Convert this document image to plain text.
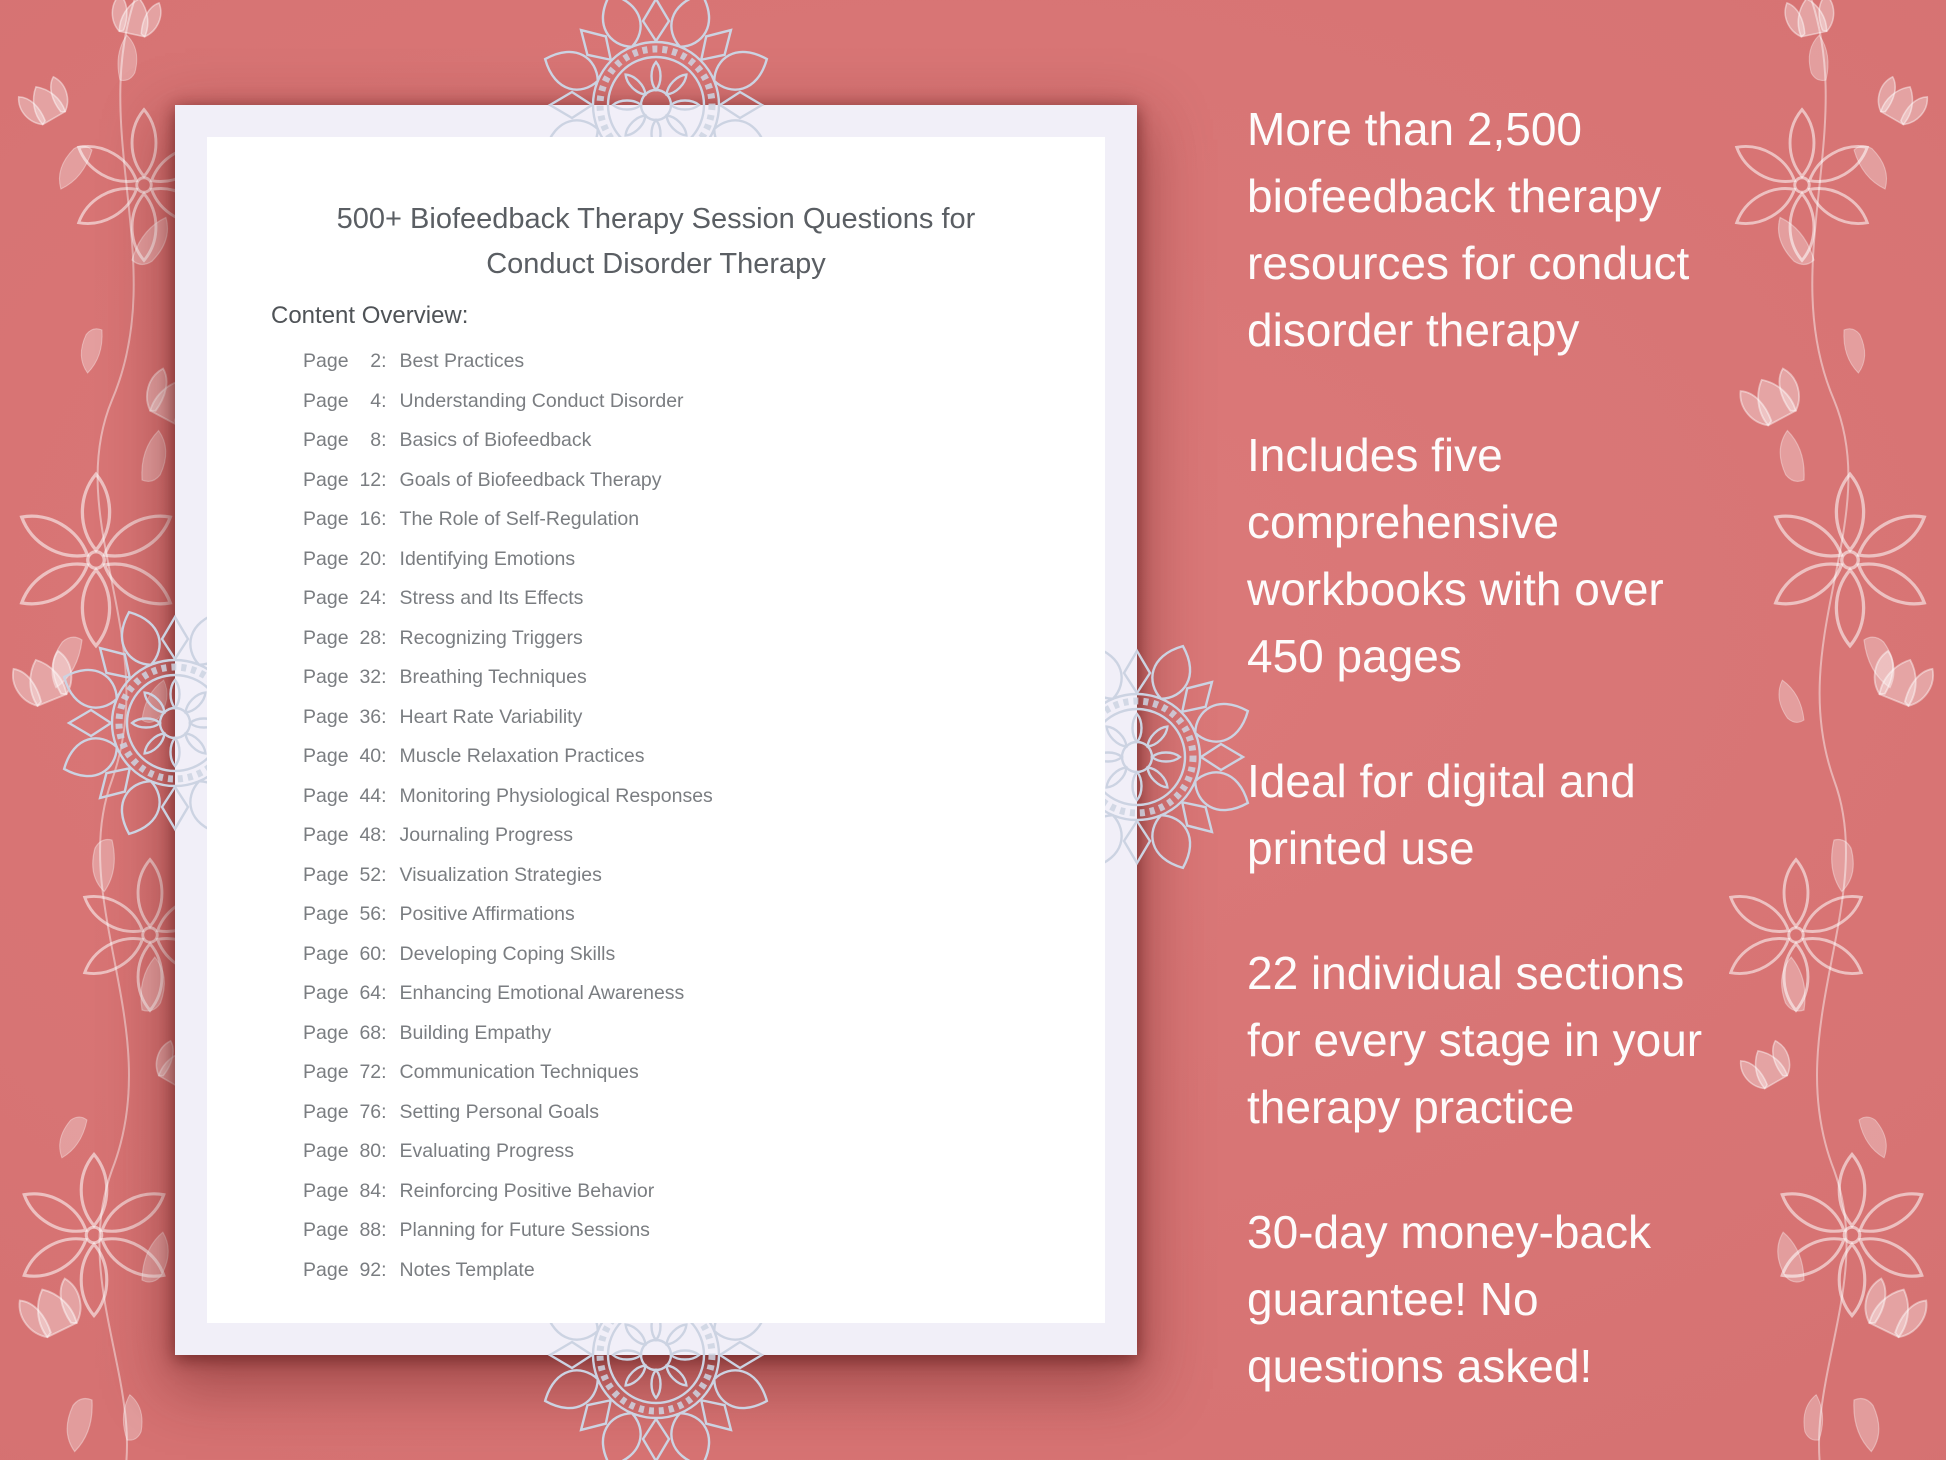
500+ Biofeedback Therapy Session Questions for
Conduct Disorder Therapy
Content Overview:
Page	2: Best Practices
Page	4: Understanding Conduct Disorder
Page	8: Basics of Biofeedback
Page 12: Goals of Biofeedback Therapy
Page 16: The Role of Self-Regulation
Page 20: Identifying Emotions
Page 24: Stress and Its Effects
Page 28: Recognizing Triggers
Page 32: Breathing Techniques
Page 36: Heart Rate Variability
Page 40: Muscle Relaxation Practices
Page 44: Monitoring Physiological Responses
Page 48: Journaling Progress
Page 52: Visualization Strategies
Page 56: Positive Affirmations
Page 60: Developing Coping Skills
Page 64: Enhancing Emotional Awareness
Page 68: Building Empathy
Page 72: Communication Techniques
Page 76: Setting Personal Goals
Page 80: Evaluating Progress
Page 84: Reinforcing Positive Behavior
Page 88: Planning for Future Sessions
Page 92: Notes Template
More than 2,500
biofeedback therapy
resources for conduct
disorder therapy
Includes five
comprehensive
workbooks with over
450 pages
Ideal for digital and
printed use
22 individual sections
for every stage in your
therapy practice
30-day money-back
guarantee! No
questions asked!
